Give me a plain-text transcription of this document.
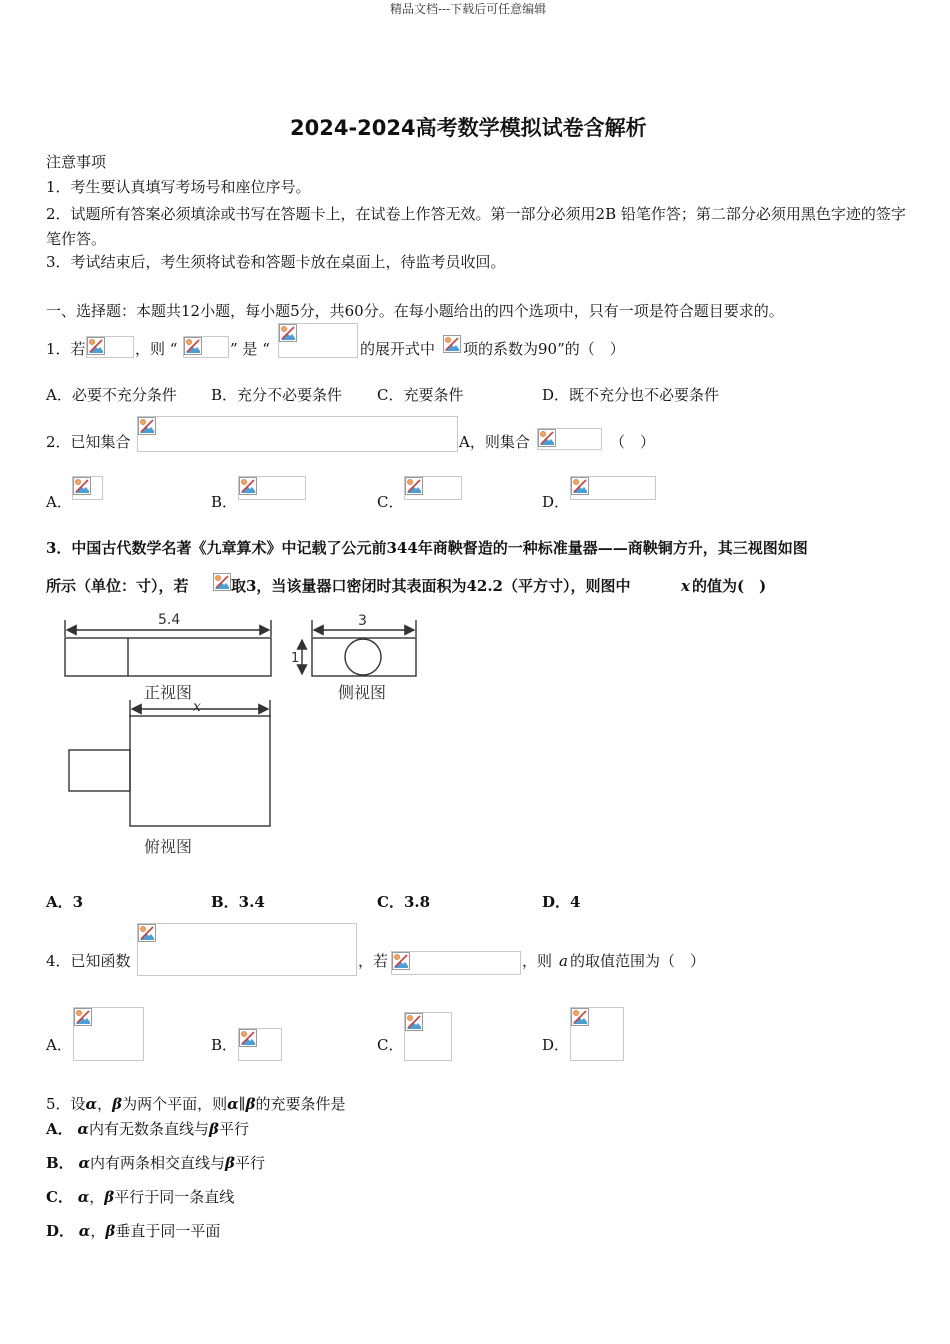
精品文档---下载后可任意编辑
2024-2024高考数学模拟试卷含解析
注意事项
1．考生要认真填写考场号和座位序号。
2．试题所有答案必须填涂或书写在答题卡上，在试卷上作答无效。第一部分必须用2B 铅笔作答；第二部分必须用黑色字迹的签字笔作答。
3．考试结束后，考生须将试卷和答题卡放在桌面上，待监考员收回。
一、选择题：本题共12小题，每小题5分，共60分。在每小题给出的四个选项中，只有一项是符合题目要求的。
1．若	，则 “	” 是 “	的展开式中 项的系数为90”的（　）
A．必要不充分条件 B．充分不必要条件 C．充要条件	D．既不充分也不必要条件
2．已知集合	A，则集合	（　）
A．	B．	C．	D．
3．中国古代数学名著《九章算术》中记载了公元前344年商鞅督造的一种标准量器——商鞅铜方升，其三视图如图
所示（单位：寸），若	取3，当该量器口密闭时其表面积为42.2（平方寸），则图中	x 的值为(　)
5.4	3
1
x
正视图	侧视图
俯视图
A．3	B．3.4	C．3.8	D．4
4．已知函数	，若	，则 a 的取值范围为（　）
A．	B．	C．	D．
5．设α，β为两个平面，则α∥β的充要条件是
A． α内有无数条直线与β平行
B． α内有两条相交直线与β平行
C． α，β平行于同一条直线
D． α，β垂直于同一平面
